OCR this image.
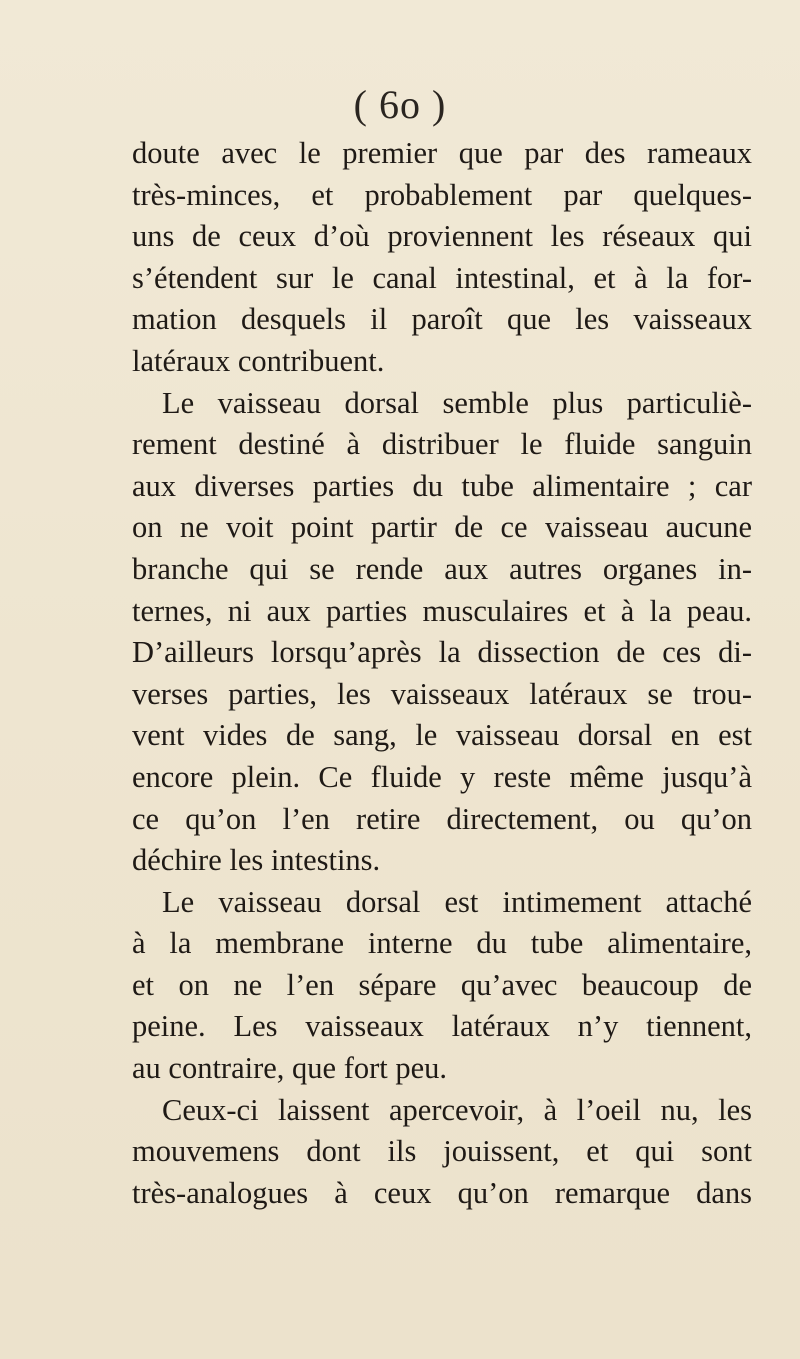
( 6o )
doute avec le premier que par des rameaux
très-minces, et probablement par quelques-
uns de ceux d’où proviennent les réseaux qui
s’étendent sur le canal intestinal, et à la for-
mation desquels il paroît que les vaisseaux
latéraux contribuent.
Le vaisseau dorsal semble plus particuliè-
rement destiné à distribuer le fluide sanguin
aux diverses parties du tube alimentaire ; car
on ne voit point partir de ce vaisseau aucune
branche qui se rende aux autres organes in-
ternes, ni aux parties musculaires et à la peau.
D’ailleurs lorsqu’après la dissection de ces di-
verses parties, les vaisseaux latéraux se trou-
vent vides de sang, le vaisseau dorsal en est
encore plein. Ce fluide y reste même jusqu’à
ce qu’on l’en retire directement, ou qu’on
déchire les intestins.
Le vaisseau dorsal est intimement attaché
à la membrane interne du tube alimentaire,
et on ne l’en sépare qu’avec beaucoup de
peine. Les vaisseaux latéraux n’y tiennent,
au contraire, que fort peu.
Ceux-ci laissent apercevoir, à l’oeil nu, les
mouvemens dont ils jouissent, et qui sont
très-analogues à ceux qu’on remarque dans
